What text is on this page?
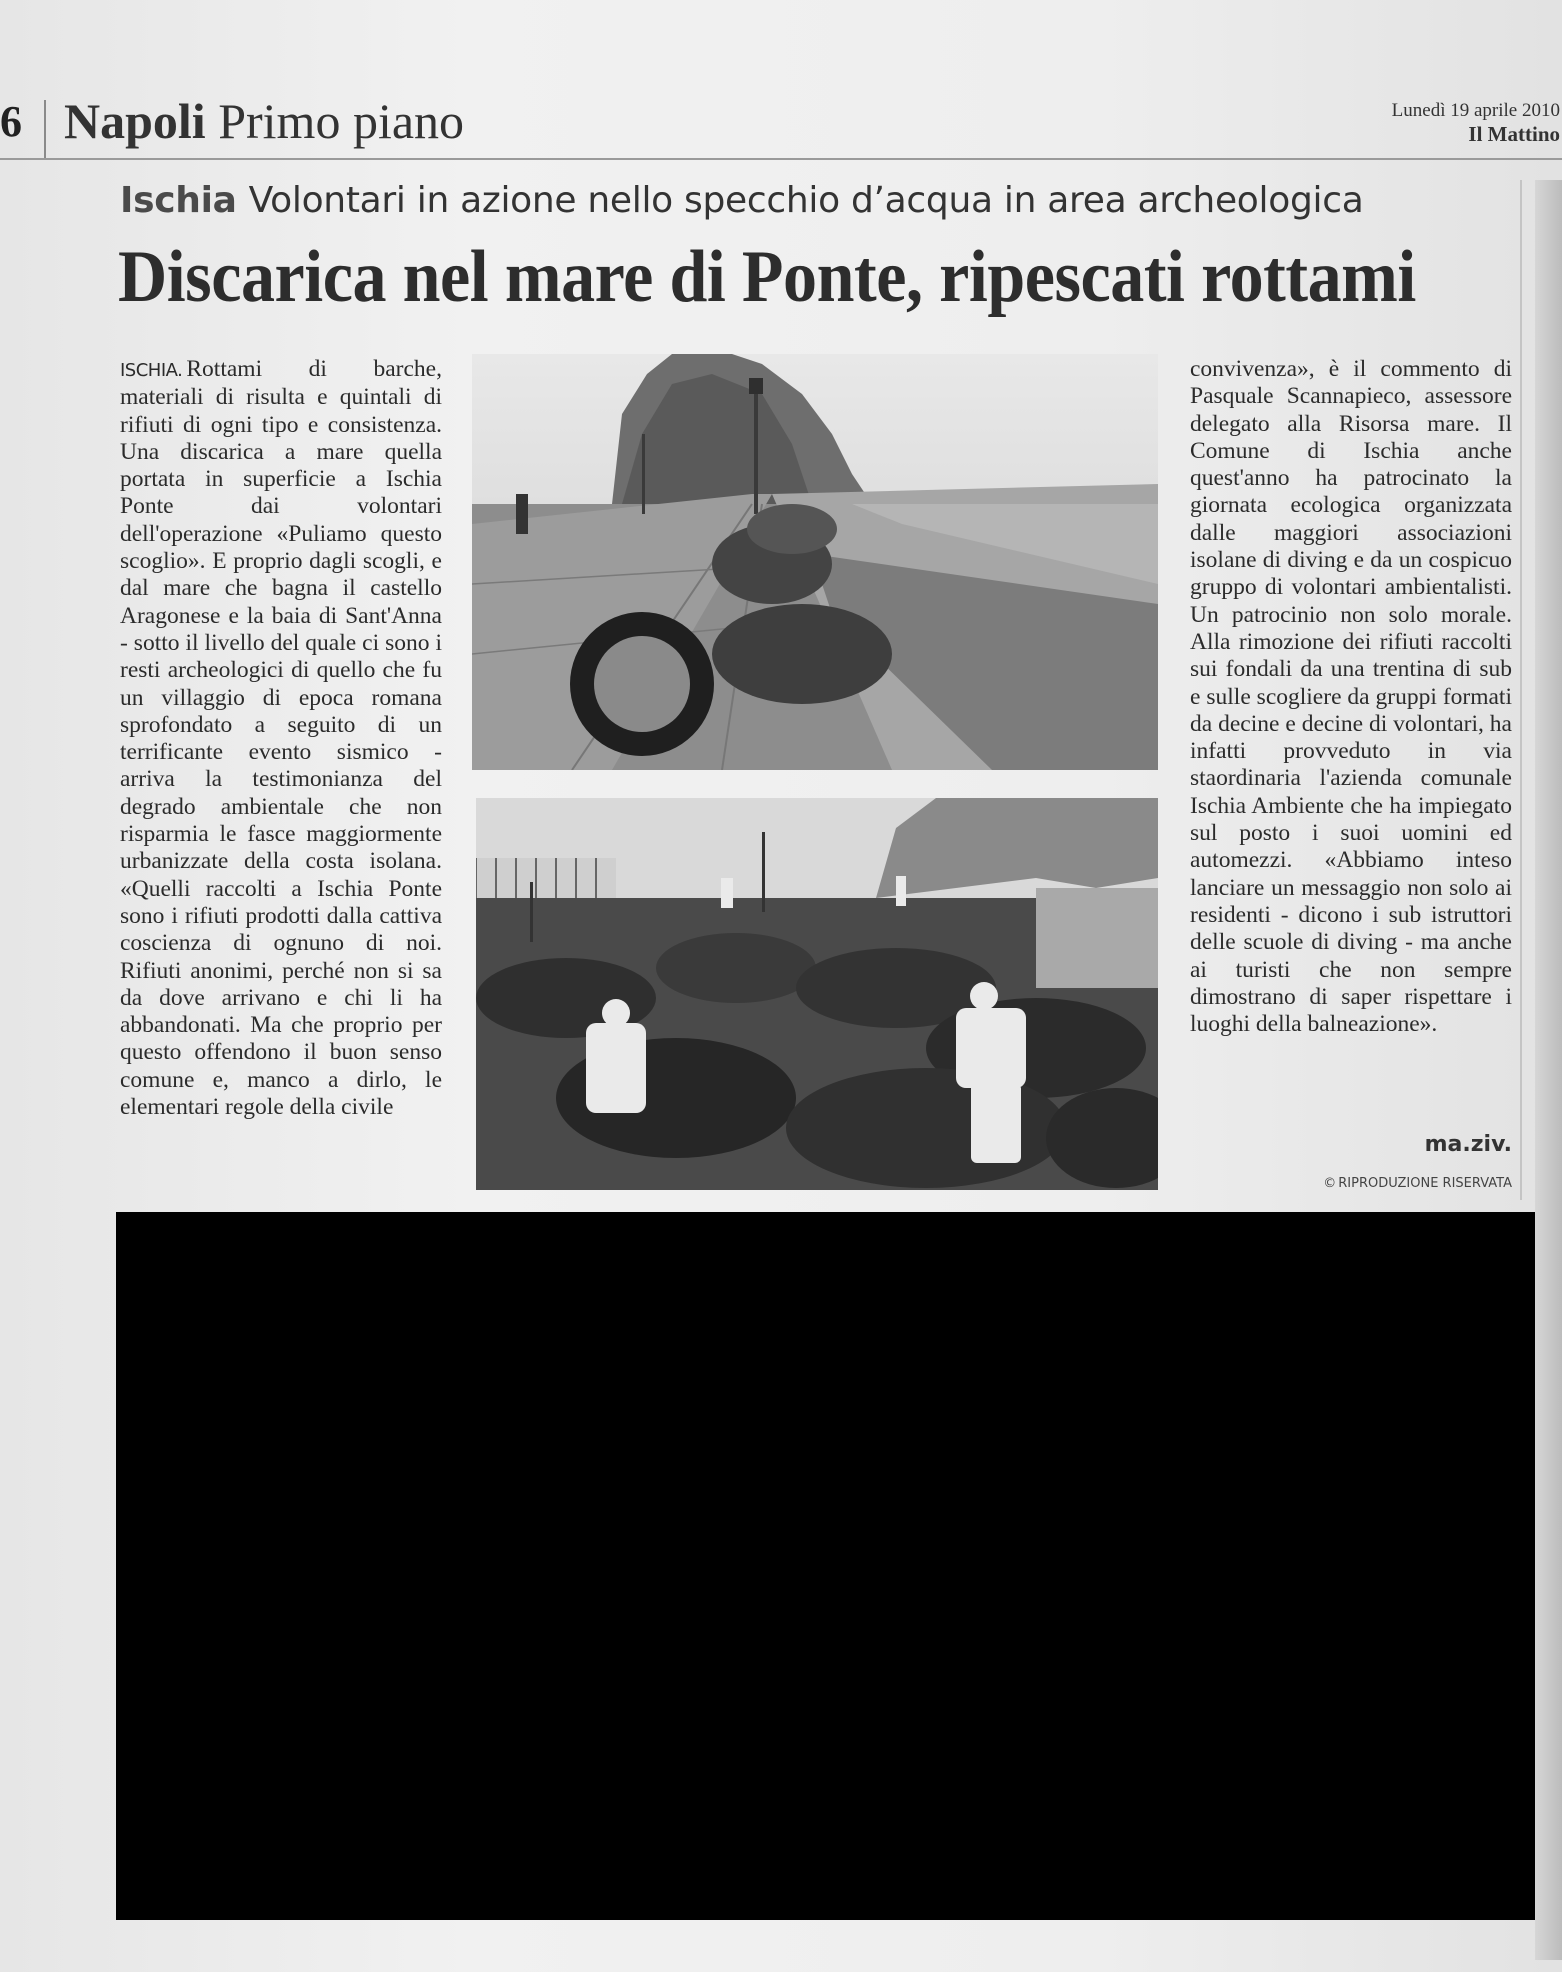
6 Napoli Primo piano	Lunedì 19 aprile 2010
Il Mattino
Ischia Volontari in azione nello specchio d’acqua in area archeologica
Discarica nel mare di Ponte, ripescati rottami
ISCHIA. Rottami di barche, materiali di risulta e quintali di rifiuti di ogni tipo e consistenza. Una discarica a mare quella portata in superficie a Ischia Ponte dai volontari dell'operazione «Puliamo questo scoglio». E proprio dagli scogli, e dal mare che bagna il castello Aragonese e la baia di Sant'Anna - sotto il livello del quale ci sono i resti archeologici di quello che fu un villaggio di epoca romana sprofondato a seguito di un terrificante evento sismico - arriva la testimonianza del degrado ambientale che non risparmia le fasce maggiormente urbanizzate della costa isolana. «Quelli raccolti a Ischia Ponte sono i rifiuti prodotti dalla cattiva coscienza di ognuno di noi. Rifiuti anonimi, perché non si sa da dove arrivano e chi li ha abbandonati. Ma che proprio per questo offendono il buon senso comune e, manco a dirlo, le elementari regole della civile
convivenza», è il commento di Pasquale Scannapieco, assessore delegato alla Risorsa mare. Il Comune di Ischia anche quest'anno ha patrocinato la giornata ecologica organizzata dalle maggiori associazioni isolane di diving e da un cospicuo gruppo di volontari ambientalisti. Un patrocinio non solo morale. Alla rimozione dei rifiuti raccolti sui fondali da una trentina di sub e sulle scogliere da gruppi formati da decine e decine di volontari, ha infatti provveduto in via staordinaria l'azienda comunale Ischia Ambiente che ha impiegato sul posto i suoi uomini ed automezzi. «Abbiamo inteso lanciare un messaggio non solo ai residenti - dicono i sub istruttori delle scuole di diving - ma anche ai turisti che non sempre dimostrano di saper rispettare i luoghi della balneazione».
ma.ziv.
© RIPRODUZIONE RISERVATA
